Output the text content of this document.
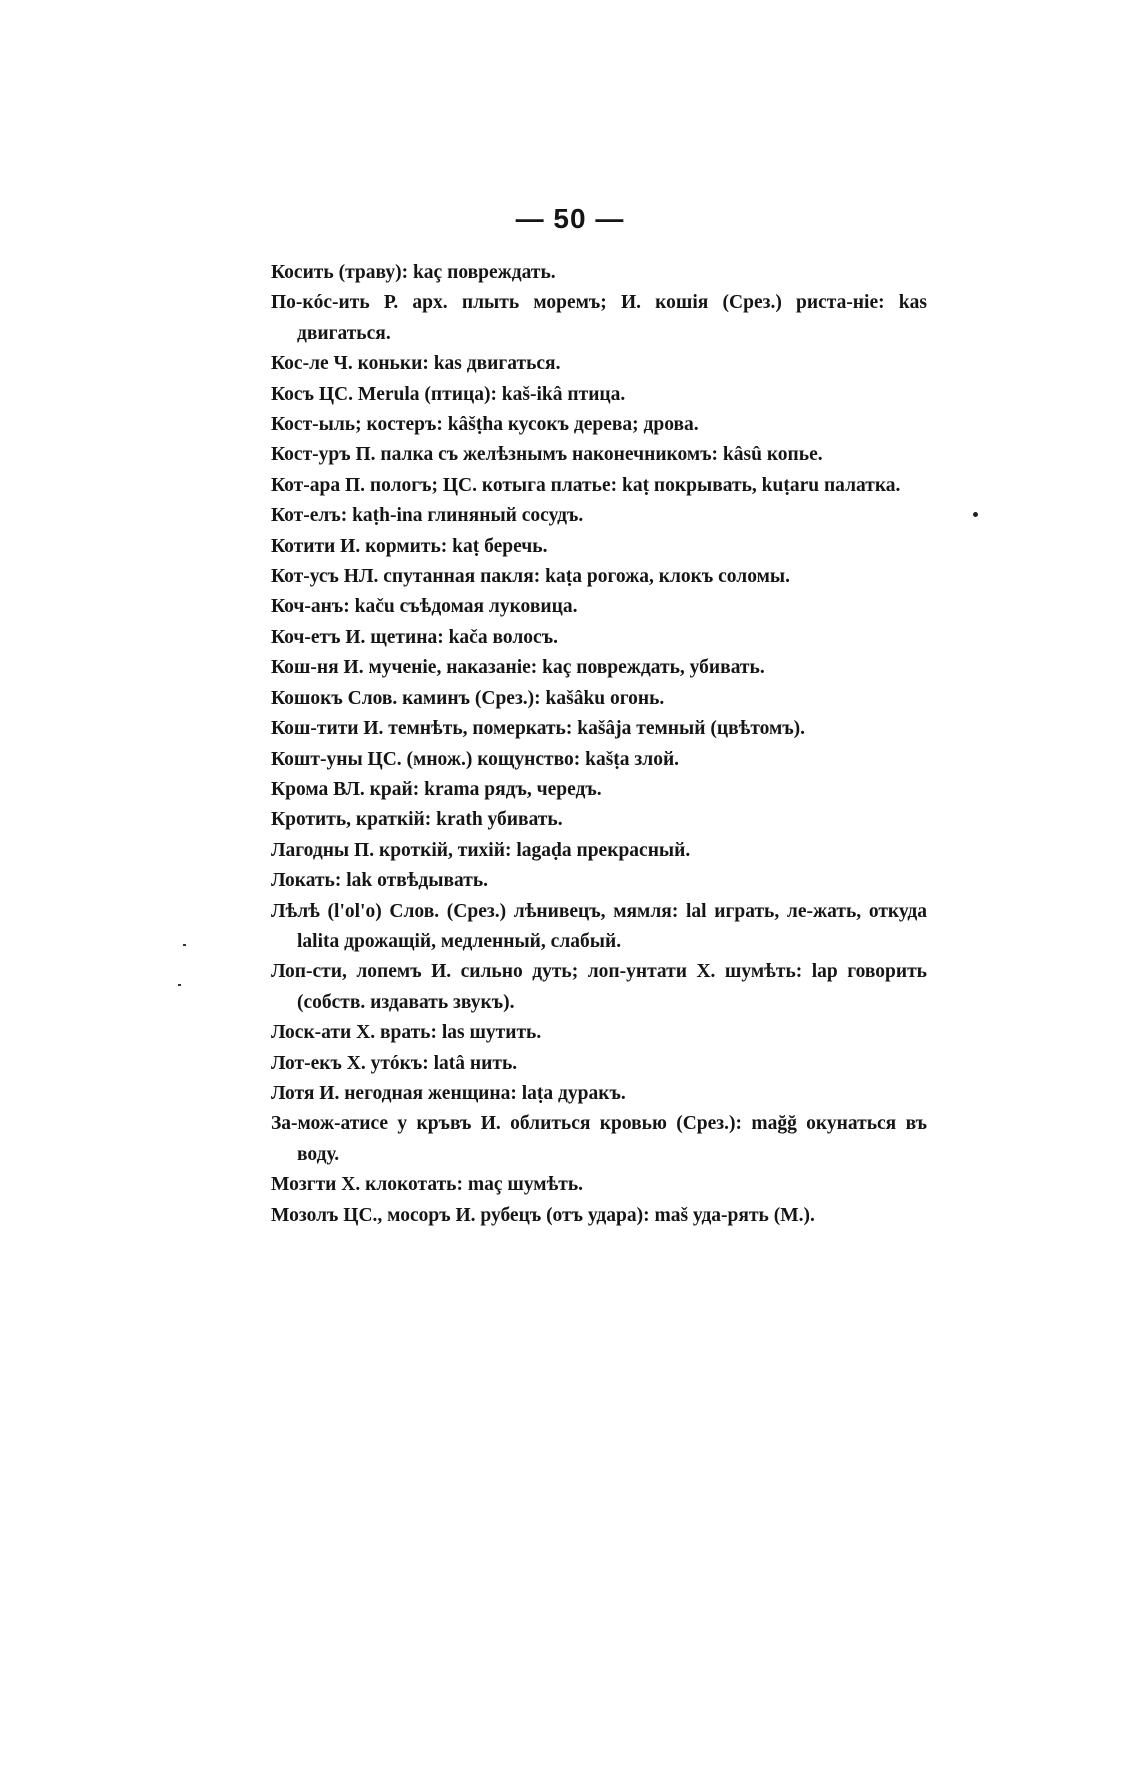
— 50 —
Косить (траву): kaç повреждать.
По-кóс-ить Р. арх. плыть моремъ; И. кошія (Срез.) риста-ніе: kas двигаться.
Кос-ле Ч. коньки: kas двигаться.
Косъ ЦС. Merula (птица): kaš-ikâ птица.
Кост-ыль; костеръ: kâšṭha кусокъ дерева; дрова.
Кост-уръ П. палка съ желѣзнымъ наконечникомъ: kâsû копье.
Кот-ара П. пологъ; ЦС. котыга платье: kaṭ покрывать, kuṭaru палатка.
Кот-елъ: kaṭh-ina глиняный сосудъ.
Котити И. кормить: kaṭ беречь.
Кот-усъ НЛ. спутанная пакля: kaṭa рогожа, клокъ соломы.
Коч-анъ: kaču съѣдомая луковица.
Коч-етъ И. щетина: kača волосъ.
Кош-ня И. мученіе, наказаніе: kaç повреждать, убивать.
Кошокъ Слов. каминъ (Срез.): kašâku огонь.
Кош-тити И. темнѣть, померкать: kašâja темный (цвѣтомъ).
Кошт-уны ЦС. (множ.) кощунство: kašṭa злой.
Крома ВЛ. край: krama рядъ, чередъ.
Кротить, краткій: krath убивать.
Лагодны П. кроткій, тихій: lagaḍa прекрасный.
Локать: lak отвѣдывать.
Лѣлѣ (l'ol'o) Слов. (Срез.) лѣнивецъ, мямля: lal играть, ле-жать, откуда lalita дрожащій, медленный, слабый.
Лоп-сти, лопемъ И. сильно дуть; лоп-унтати Х. шумѣть: lap говорить (собств. издавать звукъ).
Лоск-ати Х. врать: las шутить.
Лот-екъ Х. утóкъ: latâ нить.
Лотя И. негодная женщина: laṭa дуракъ.
За-мож-атисе у кръвъ И. облиться кровью (Срез.): mağğ окунаться въ воду.
Мозгти Х. клокотать: maç шумѣть.
Мозолъ ЦС., мосоръ И. рубецъ (отъ удара): maš уда-рять (М.).
